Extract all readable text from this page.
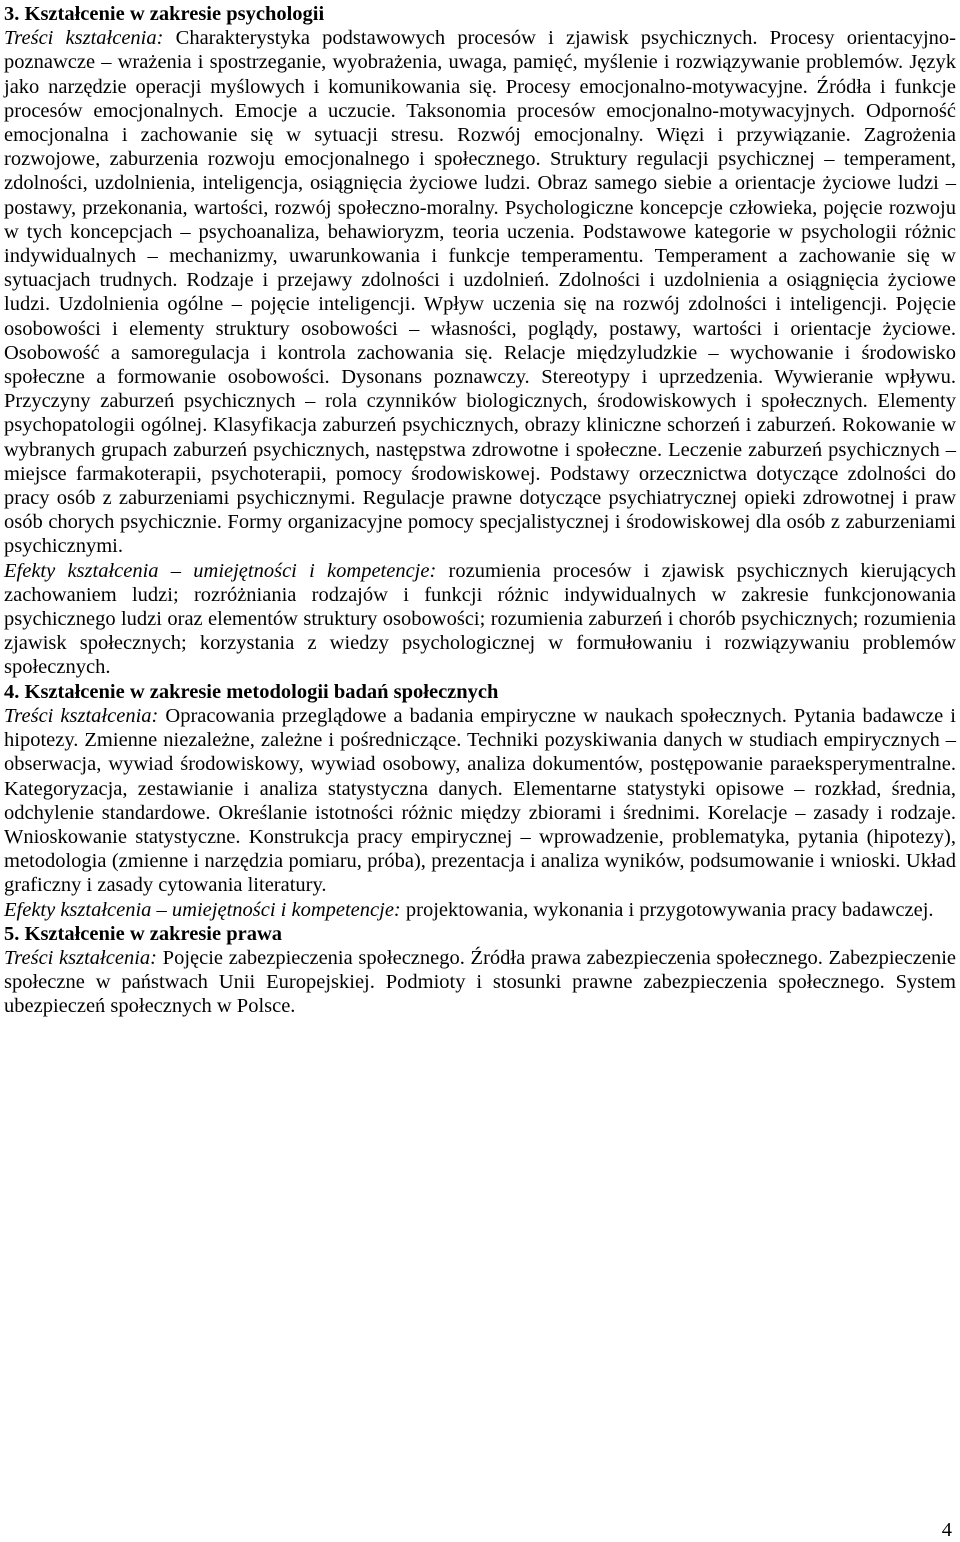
3. Kształcenie w zakresie psychologii

Treści kształcenia: Charakterystyka podstawowych procesów i zjawisk psychicznych. Procesy orientacyjno-poznawcze – wrażenia i spostrzeganie, wyobrażenia, uwaga, pamięć, myślenie i rozwiązywanie problemów. Język jako narzędzie operacji myślowych i komunikowania się. Procesy emocjonalno-motywacyjne. Źródła i funkcje procesów emocjonalnych. Emocje a uczucie. Taksonomia procesów emocjonalno-motywacyjnych. Odporność emocjonalna i zachowanie się w sytuacji stresu. Rozwój emocjonalny. Więzi i przywiązanie. Zagrożenia rozwojowe, zaburzenia rozwoju emocjonalnego i społecznego. Struktury regulacji psychicznej – temperament, zdolności, uzdolnienia, inteligencja, osiągnięcia życiowe ludzi. Obraz samego siebie a orientacje życiowe ludzi – postawy, przekonania, wartości, rozwój społeczno-moralny. Psychologiczne koncepcje człowieka, pojęcie rozwoju w tych koncepcjach – psychoanaliza, behawioryzm, teoria uczenia. Podstawowe kategorie w psychologii różnic indywidualnych – mechanizmy, uwarunkowania i funkcje temperamentu. Temperament a zachowanie się w sytuacjach trudnych. Rodzaje i przejawy zdolności i uzdolnień. Zdolności i uzdolnienia a osiągnięcia życiowe ludzi. Uzdolnienia ogólne – pojęcie inteligencji. Wpływ uczenia się na rozwój zdolności i inteligencji. Pojęcie osobowości i elementy struktury osobowości – własności, poglądy, postawy, wartości i orientacje życiowe. Osobowość a samoregulacja i kontrola zachowania się. Relacje międzyludzkie – wychowanie i środowisko społeczne a formowanie osobowości. Dysonans poznawczy. Stereotypy i uprzedzenia. Wywieranie wpływu. Przyczyny zaburzeń psychicznych – rola czynników biologicznych, środowiskowych i społecznych. Elementy psychopatologii ogólnej. Klasyfikacja zaburzeń psychicznych, obrazy kliniczne schorzeń i zaburzeń. Rokowanie w wybranych grupach zaburzeń psychicznych, następstwa zdrowotne i społeczne. Leczenie zaburzeń psychicznych – miejsce farmakoterapii, psychoterapii, pomocy środowiskowej. Podstawy orzecznictwa dotyczące zdolności do pracy osób z zaburzeniami psychicznymi. Regulacje prawne dotyczące psychiatrycznej opieki zdrowotnej i praw osób chorych psychicznie. Formy organizacyjne pomocy specjalistycznej i środowiskowej dla osób z zaburzeniami psychicznymi.

Efekty kształcenia – umiejętności i kompetencje: rozumienia procesów i zjawisk psychicznych kierujących zachowaniem ludzi; rozróżniania rodzajów i funkcji różnic indywidualnych w zakresie funkcjonowania psychicznego ludzi oraz elementów struktury osobowości; rozumienia zaburzeń i chorób psychicznych; rozumienia zjawisk społecznych; korzystania z wiedzy psychologicznej w formułowaniu i rozwiązywaniu problemów społecznych.

4. Kształcenie w zakresie metodologii badań społecznych

Treści kształcenia: Opracowania przeglądowe a badania empiryczne w naukach społecznych. Pytania badawcze i hipotezy. Zmienne niezależne, zależne i pośredniczące. Techniki pozyskiwania danych w studiach empirycznych – obserwacja, wywiad środowiskowy, wywiad osobowy, analiza dokumentów, postępowanie paraeksperymentralne. Kategoryzacja, zestawianie i analiza statystyczna danych. Elementarne statystyki opisowe – rozkład, średnia, odchylenie standardowe. Określanie istotności różnic między zbiorami i średnimi. Korelacje – zasady i rodzaje. Wnioskowanie statystyczne. Konstrukcja pracy empirycznej – wprowadzenie, problematyka, pytania (hipotezy), metodologia (zmienne i narzędzia pomiaru, próba), prezentacja i analiza wyników, podsumowanie i wnioski. Układ graficzny i zasady cytowania literatury.

Efekty kształcenia – umiejętności i kompetencje: projektowania, wykonania i przygotowywania pracy badawczej.

5. Kształcenie w zakresie prawa

Treści kształcenia: Pojęcie zabezpieczenia społecznego. Źródła prawa zabezpieczenia społecznego. Zabezpieczenie społeczne w państwach Unii Europejskiej. Podmioty i stosunki prawne zabezpieczenia społecznego. System ubezpieczeń społecznych w Polsce.

4
